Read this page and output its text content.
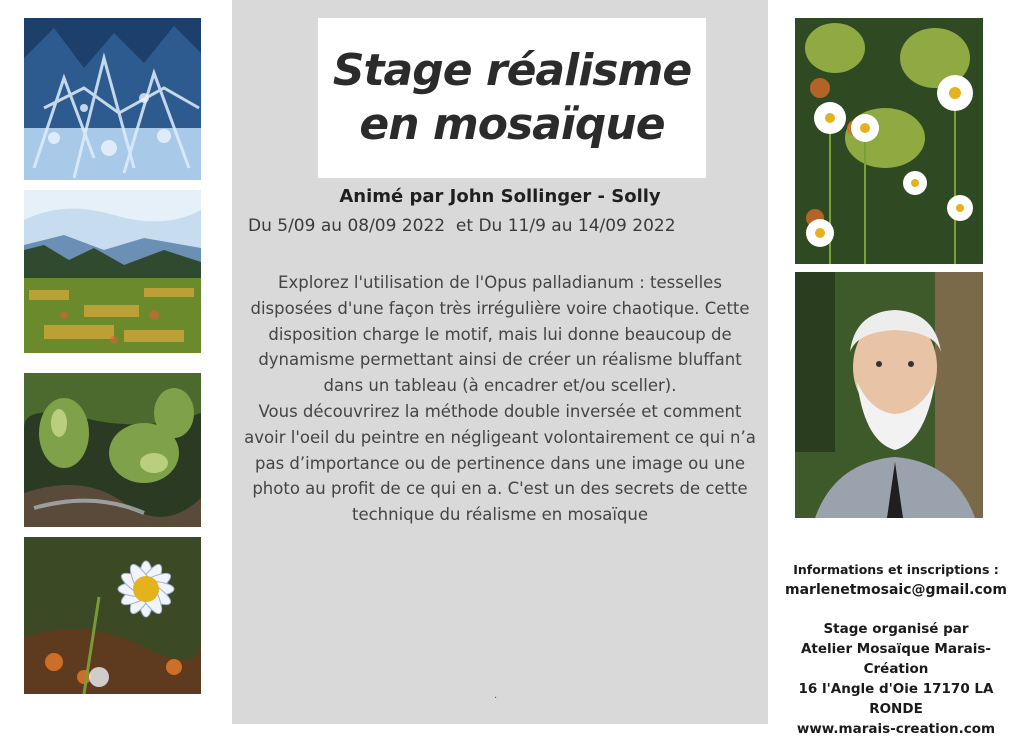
Stage réalisme
en mosaïque
Animé par John Sollinger - Solly
Du 5/09 au 08/09 2022  et Du 11/9 au 14/09 2022
Explorez l'utilisation de l'Opus palladianum : tesselles
disposées d'une façon très irrégulière voire chaotique. Cette
disposition charge le motif, mais lui donne beaucoup de
dynamisme permettant ainsi de créer un réalisme bluffant
dans un tableau (à encadrer et/ou sceller).
Vous découvrirez la méthode double inversée et comment
avoir l'oeil du peintre en négligeant volontairement ce qui n’a
pas d’importance ou de pertinence dans une image ou une
photo au profit de ce qui en a. C'est un des secrets de cette
technique du réalisme en mosaïque
.
Informations et inscriptions :
marlenetmosaic@gmail.com
Stage organisé par
Atelier Mosaïque Marais-Création
16 l'Angle d'Oie 17170 LA RONDE
www.marais-creation.com
